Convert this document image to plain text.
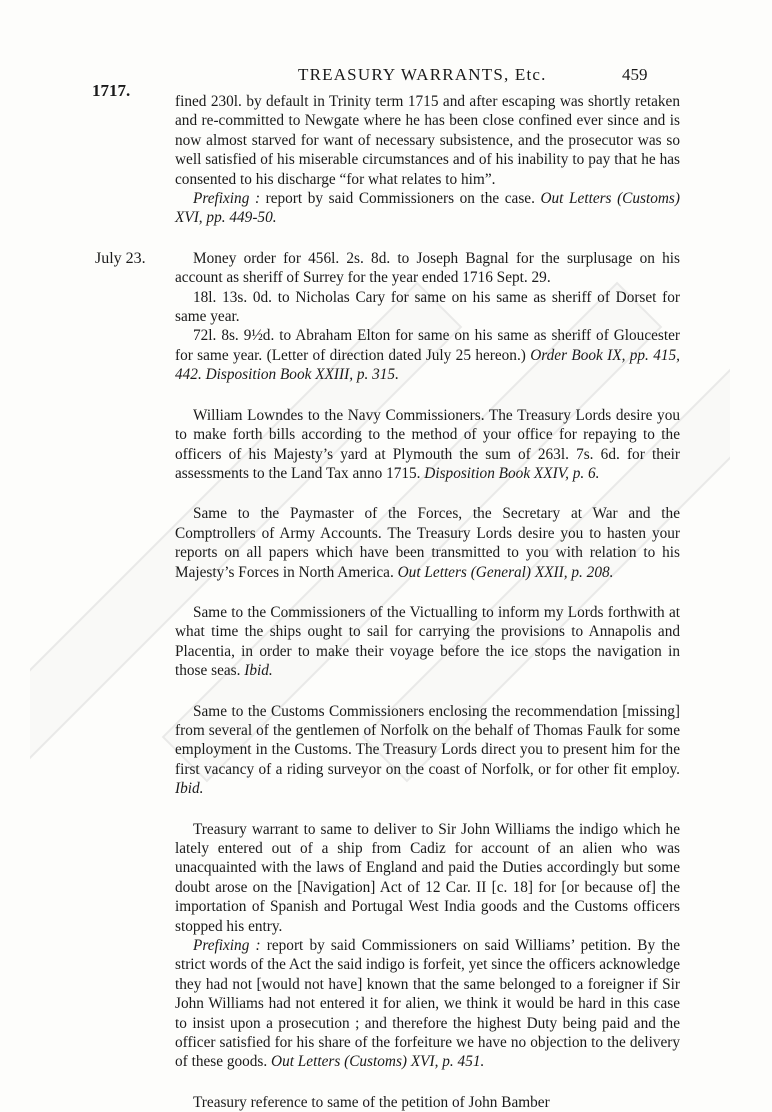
TREASURY WARRANTS, Etc.	459
1717.

fined 230l. by default in Trinity term 1715 and after escaping was shortly retaken and re-committed to Newgate where he has been close confined ever since and is now almost starved for want of necessary subsistence, and the prosecutor was so well satisfied of his miserable circumstances and of his inability to pay that he has consented to his discharge “for what relates to him”.

Prefixing : report by said Commissioners on the case. Out Letters (Customs) XVI, pp. 449-50.

July 23.	Money order for 456l. 2s. 8d. to Joseph Bagnal for the surplusage on his account as sheriff of Surrey for the year ended 1716 Sept. 29.

18l. 13s. 0d. to Nicholas Cary for same on his same as sheriff of Dorset for same year.

72l. 8s. 9½d. to Abraham Elton for same on his same as sheriff of Gloucester for same year. (Letter of direction dated July 25 hereon.) Order Book IX, pp. 415, 442. Disposition Book XXIII, p. 315.

William Lowndes to the Navy Commissioners. The Treasury Lords desire you to make forth bills according to the method of your office for repaying to the officers of his Majesty’s yard at Plymouth the sum of 263l. 7s. 6d. for their assessments to the Land Tax anno 1715. Disposition Book XXIV, p. 6.

Same to the Paymaster of the Forces, the Secretary at War and the Comptrollers of Army Accounts. The Treasury Lords desire you to hasten your reports on all papers which have been transmitted to you with relation to his Majesty’s Forces in North America. Out Letters (General) XXII, p. 208.

Same to the Commissioners of the Victualling to inform my Lords forthwith at what time the ships ought to sail for carrying the provisions to Annapolis and Placentia, in order to make their voyage before the ice stops the navigation in those seas. Ibid.

Same to the Customs Commissioners enclosing the recommendation [missing] from several of the gentlemen of Norfolk on the behalf of Thomas Faulk for some employment in the Customs. The Treasury Lords direct you to present him for the first vacancy of a riding surveyor on the coast of Norfolk, or for other fit employ. Ibid.

Treasury warrant to same to deliver to Sir John Williams the indigo which he lately entered out of a ship from Cadiz for account of an alien who was unacquainted with the laws of England and paid the Duties accordingly but some doubt arose on the [Navigation] Act of 12 Car. II [c. 18] for [or because of] the importation of Spanish and Portugal West India goods and the Customs officers stopped his entry.

Prefixing : report by said Commissioners on said Williams’ petition. By the strict words of the Act the said indigo is forfeit, yet since the officers acknowledge they had not [would not have] known that the same belonged to a foreigner if Sir John Williams had not entered it for alien, we think it would be hard in this case to insist upon a prosecution ; and therefore the highest Duty being paid and the officer satisfied for his share of the forfeiture we have no objection to the delivery of these goods. Out Letters (Customs) XVI, p. 451.

Treasury reference to same of the petition of John Bamber
